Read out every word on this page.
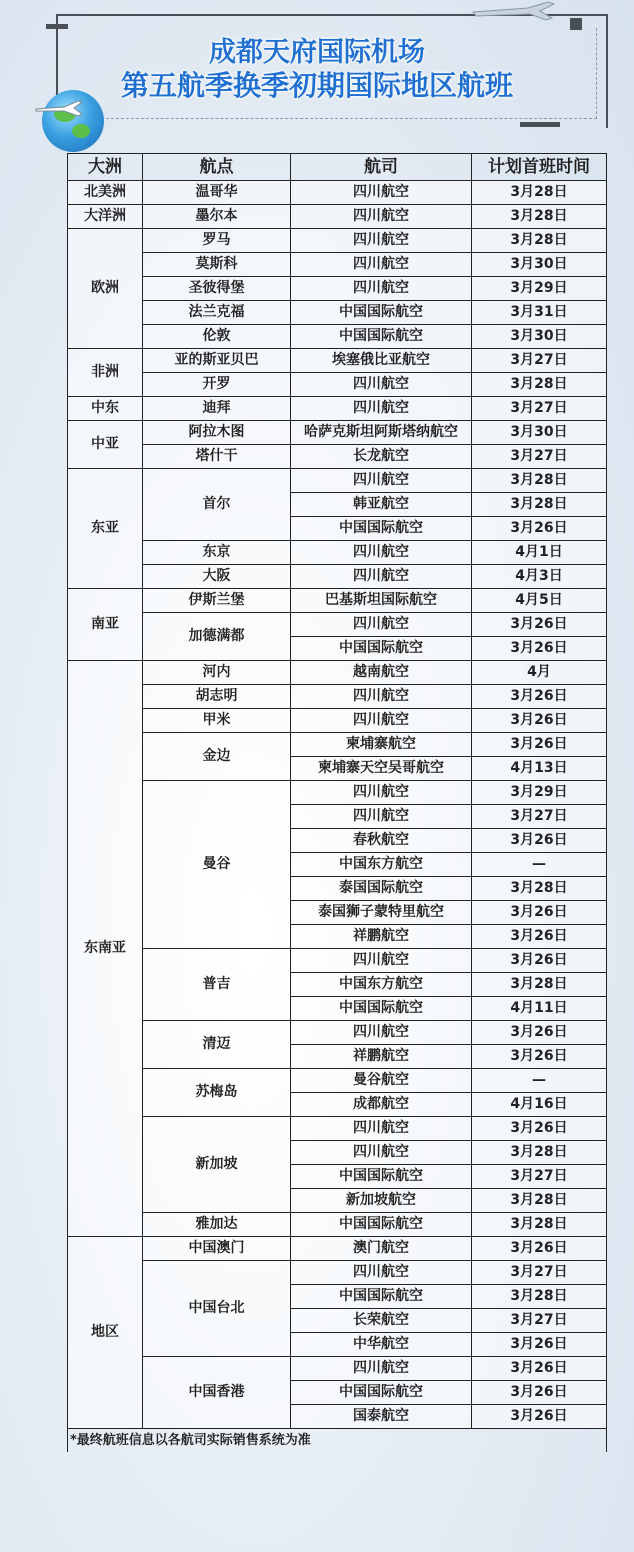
成都天府国际机场
第五航季换季初期国际地区航班
大洲	航点	航司	计划首班时间
北美洲	温哥华	四川航空	3月28日
大洋洲	墨尔本	四川航空	3月28日
欧洲	罗马	四川航空	3月28日
	莫斯科	四川航空	3月30日
	圣彼得堡	四川航空	3月29日
	法兰克福	中国国际航空	3月31日
	伦敦	中国国际航空	3月30日
非洲	亚的斯亚贝巴	埃塞俄比亚航空	3月27日
	开罗	四川航空	3月28日
中东	迪拜	四川航空	3月27日
中亚	阿拉木图	哈萨克斯坦阿斯塔纳航空	3月30日
	塔什干	长龙航空	3月27日
东亚	首尔	四川航空	3月28日
		韩亚航空	3月28日
		中国国际航空	3月26日
	东京	四川航空	4月1日
	大阪	四川航空	4月3日
南亚	伊斯兰堡	巴基斯坦国际航空	4月5日
	加德满都	四川航空	3月26日
		中国国际航空	3月26日
东南亚	河内	越南航空	4月
	胡志明	四川航空	3月26日
	甲米	四川航空	3月26日
	金边	柬埔寨航空	3月26日
		柬埔寨天空吴哥航空	4月13日
	曼谷	四川航空	3月29日
		四川航空	3月27日
		春秋航空	3月26日
		中国东方航空	—
		泰国国际航空	3月28日
		泰国狮子蒙特里航空	3月26日
		祥鹏航空	3月26日
	普吉	四川航空	3月26日
		中国东方航空	3月28日
		中国国际航空	4月11日
	清迈	四川航空	3月26日
		祥鹏航空	3月26日
	苏梅岛	曼谷航空	—
		成都航空	4月16日
	新加坡	四川航空	3月26日
		四川航空	3月28日
		中国国际航空	3月27日
		新加坡航空	3月28日
	雅加达	中国国际航空	3月28日
地区	中国澳门	澳门航空	3月26日
	中国台北	四川航空	3月27日
		中国国际航空	3月28日
		长荣航空	3月27日
		中华航空	3月26日
	中国香港	四川航空	3月26日
		中国国际航空	3月26日
		国泰航空	3月26日
*最终航班信息以各航司实际销售系统为准			
